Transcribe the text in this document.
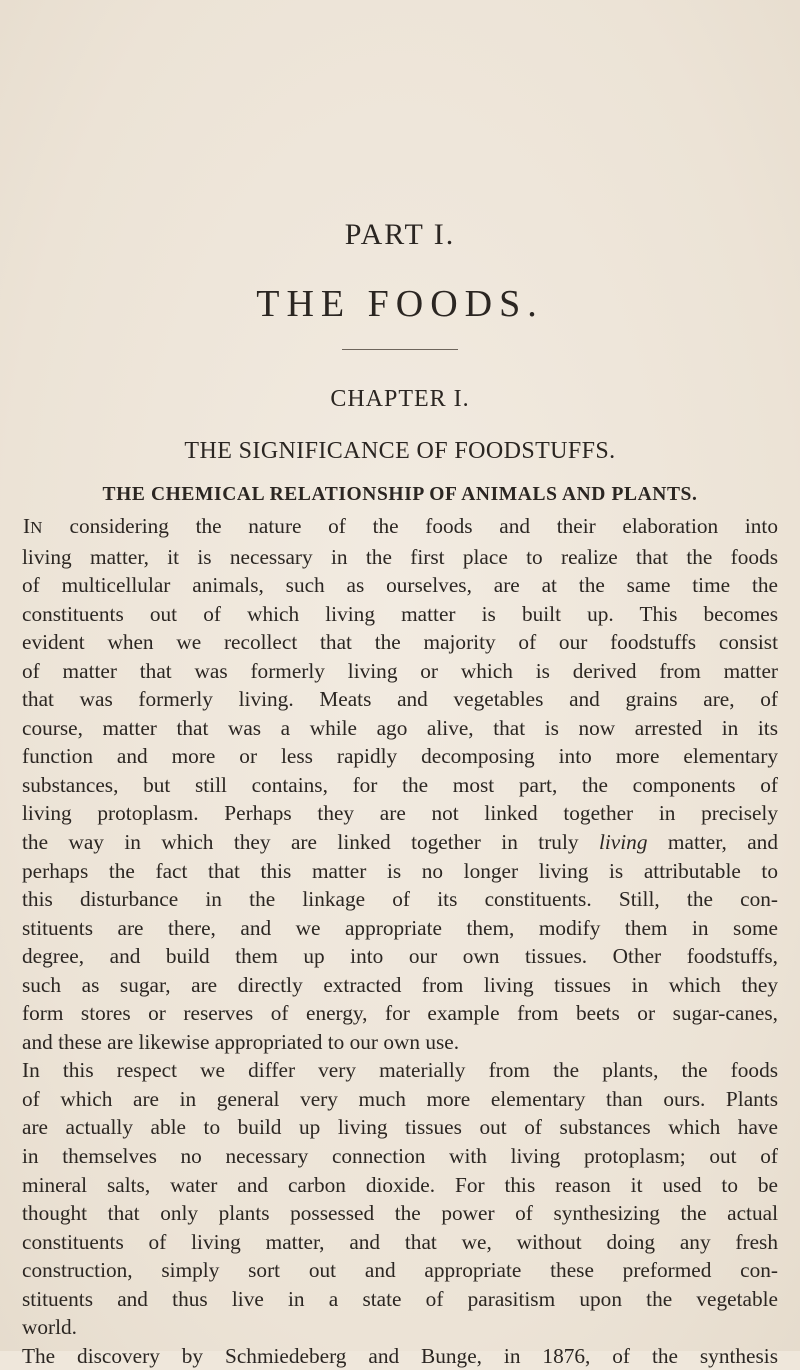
PART I.
THE FOODS.
CHAPTER I.
THE SIGNIFICANCE OF FOODSTUFFS.
THE CHEMICAL RELATIONSHIP OF ANIMALS AND PLANTS.
IN considering the nature of the foods and their elaboration into
living matter, it is necessary in the first place to realize that the foods
of multicellular animals, such as ourselves, are at the same time the
constituents out of which living matter is built up. This becomes
evident when we recollect that the majority of our foodstuffs consist
of matter that was formerly living or which is derived from matter
that was formerly living. Meats and vegetables and grains are, of
course, matter that was a while ago alive, that is now arrested in its
function and more or less rapidly decomposing into more elementary
substances, but still contains, for the most part, the components of
living protoplasm. Perhaps they are not linked together in precisely
the way in which they are linked together in truly living matter, and
perhaps the fact that this matter is no longer living is attributable to
this disturbance in the linkage of its constituents. Still, the con-
stituents are there, and we appropriate them, modify them in some
degree, and build them up into our own tissues. Other foodstuffs,
such as sugar, are directly extracted from living tissues in which they
form stores or reserves of energy, for example from beets or sugar-canes,
and these are likewise appropriated to our own use.
In this respect we differ very materially from the plants, the foods
of which are in general very much more elementary than ours. Plants
are actually able to build up living tissues out of substances which have
in themselves no necessary connection with living protoplasm; out of
mineral salts, water and carbon dioxide. For this reason it used to be
thought that only plants possessed the power of synthesizing the actual
constituents of living matter, and that we, without doing any fresh
construction, simply sort out and appropriate these preformed con-
stituents and thus live in a state of parasitism upon the vegetable
world.
The discovery by Schmiedeberg and Bunge, in 1876, of the synthesis
